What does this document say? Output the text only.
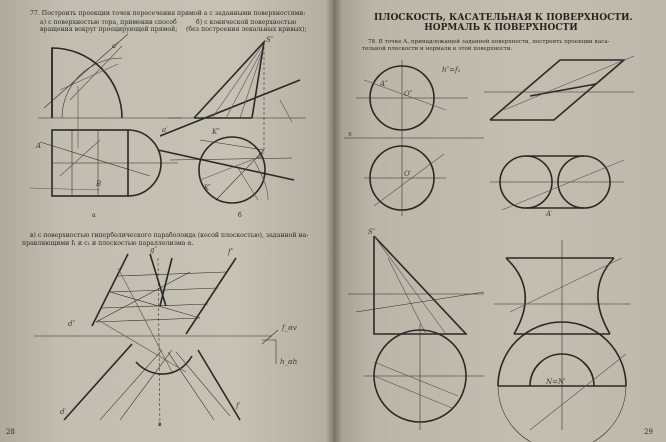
77. Построить проекции точек пересечения прямой a с заданными поверхностями:
а) с поверхностью тора, применив способ
вращения вокруг проецирующей прямой;
б) с конической поверхностью
(без построения лекальных кривых);
в) с поверхностью гиперболического параболоида (косой плоскостью), заданной на-
правляющими f₁ и c₁ и плоскостью параллелизма α.
а	б
в
28
a″
a′
S″
S′
K″
K′
A
B
f″
f′
g″
d″
d′
f_αv
h_αh
ПЛОСКОСТЬ, КАСАТЕЛЬНАЯ К ПОВЕРХНОСТИ.
НОРМАЛЬ К ПОВЕРХНОСТИ
78. В точке A, принадлежащей заданной поверхности, построить проекции каса-
тельной плоскости и нормали к этой поверхности.
29
O″
O′
A″
A′
h″=f₁
S″
N=N′
x
